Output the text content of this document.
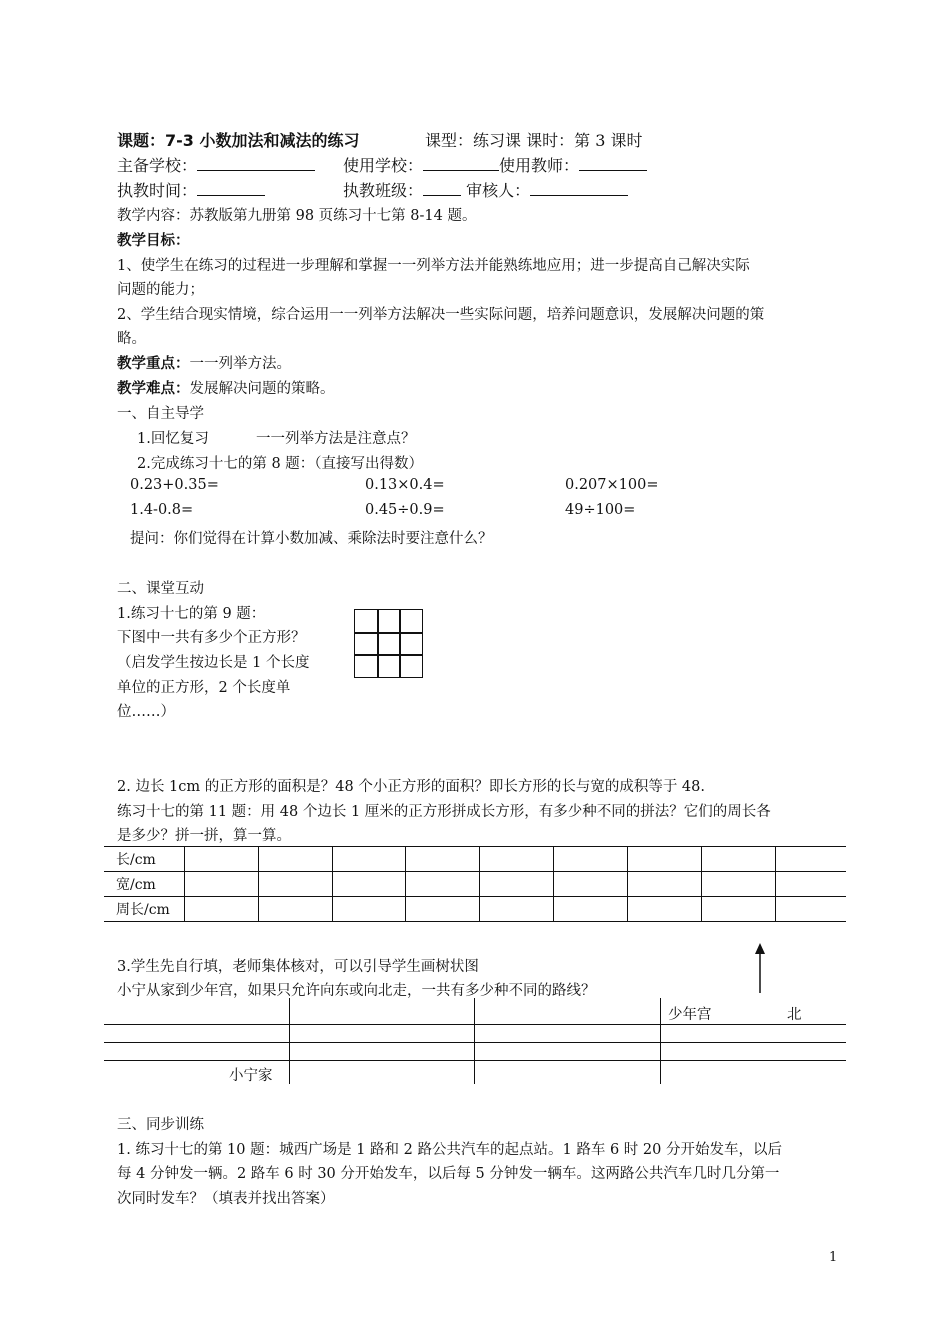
课题：7-3 小数加法和减法的练习	课型：练习课 课时：第 3 课时
主备学校：	使用学校：	使用教师：
执教时间：	执教班级：	审核人：
教学内容：苏教版第九册第 98 页练习十七第 8-14 题。
教学目标：
1、使学生在练习的过程进一步理解和掌握一一列举方法并能熟练地应用；进一步提高自己解决实际
问题的能力；
2、学生结合现实情境，综合运用一一列举方法解决一些实际问题，培养问题意识，发展解决问题的策
略。
教学重点：一一列举方法。
教学难点：发展解决问题的策略。
一、自主导学
1.回忆复习	一一列举方法是注意点？
2.完成练习十七的第 8 题：（直接写出得数）
0.23+0.35=	0.13×0.4=	0.207×100=
1.4-0.8=	0.45÷0.9=	49÷100=
提问：你们觉得在计算小数加减、乘除法时要注意什么？
二、课堂互动
1.练习十七的第 9 题：
下图中一共有多少个正方形？
（启发学生按边长是 1 个长度
单位的正方形，2 个长度单
位……）
2. 边长 1cm 的正方形的面积是？48 个小正方形的面积？即长方形的长与宽的成积等于 48.
练习十七的第 11 题：用 48 个边长 1 厘米的正方形拼成长方形，有多少种不同的拼法？它们的周长各
是多少？拼一拼，算一算。
长/cm									
宽/cm									
周长/cm									
3.学生先自行填，老师集体核对，可以引导学生画树状图
小宁从家到少年宫，如果只允许向东或向北走，一共有多少种不同的路线？
少年宫	北
小宁家
三、同步训练
1. 练习十七的第 10 题：城西广场是 1 路和 2 路公共汽车的起点站。1 路车 6 时 20 分开始发车，以后
每 4 分钟发一辆。2 路车 6 时 30 分开始发车，以后每 5 分钟发一辆车。这两路公共汽车几时几分第一
次同时发车？（填表并找出答案）
1
